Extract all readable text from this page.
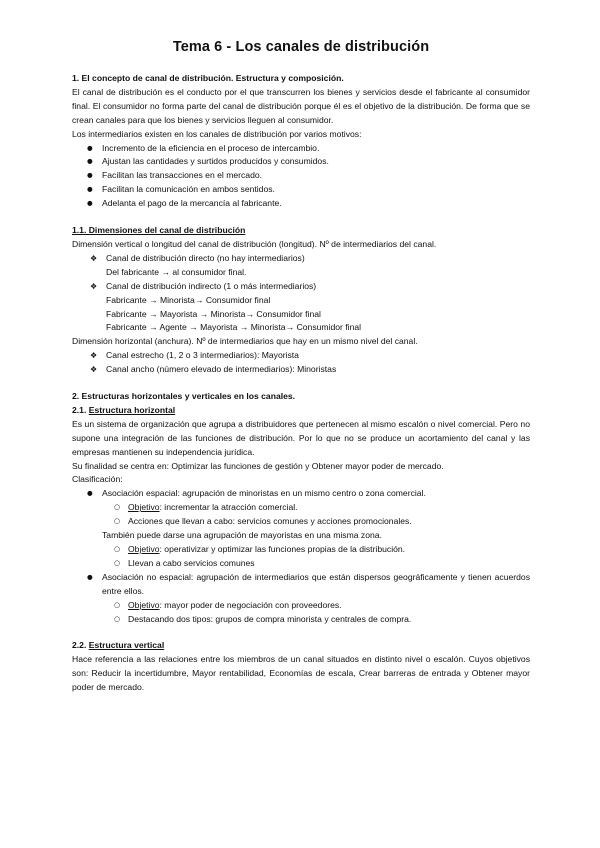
Tema 6 - Los canales de distribución

1. El concepto de canal de distribución. Estructura y composición.

El canal de distribución es el conducto por el que transcurren los bienes y servicios desde el fabricante al consumidor final. El consumidor no forma parte del canal de distribución porque él es el objetivo de la distribución. De forma que se crean canales para que los bienes y servicios lleguen al consumidor.

Los intermediarios existen en los canales de distribución por varios motivos:

● Incremento de la eficiencia en el proceso de intercambio.
● Ajustan las cantidades y surtidos producidos y consumidos.
● Facilitan las transacciones en el mercado.
● Facilitan la comunicación en ambos sentidos.
● Adelanta el pago de la mercancía al fabricante.

1.1. Dimensiones del canal de distribución

Dimensión vertical o longitud del canal de distribución (longitud). Nº de intermediarios del canal.

❖ Canal de distribución directo (no hay intermediarios)

Del fabricante → al consumidor final.

❖ Canal de distribución indirecto (1 o más intermediarios)

Fabricante → Minorista→ Consumidor final

Fabricante → Mayorista → Minorista→ Consumidor final

Fabricante → Agente → Mayorista → Minorista→ Consumidor final

Dimensión horizontal (anchura). Nº de intermediarios que hay en un mismo nivel del canal.

❖ Canal estrecho (1, 2 o 3 intermediarios): Mayorista
❖ Canal ancho (número elevado de intermediarios): Minoristas

2. Estructuras horizontales y verticales en los canales.

2.1. Estructura horizontal

Es un sistema de organización que agrupa a distribuidores que pertenecen al mismo escalón o nivel comercial. Pero no supone una integración de las funciones de distribución. Por lo que no se produce un acortamiento del canal y las empresas mantienen su independencia jurídica.

Su finalidad se centra en: Optimizar las funciones de gestión y Obtener mayor poder de mercado.

Clasificación:

● Asociación espacial: agrupación de minoristas en un mismo centro o zona comercial.
○ Objetivo: incrementar la atracción comercial.
○ Acciones que llevan a cabo: servicios comunes y acciones promocionales.

También puede darse una agrupación de mayoristas en una misma zona.

○ Objetivo: operativizar y optimizar las funciones propias de la distribución.
○ Llevan a cabo servicios comunes
● Asociación no espacial: agrupación de intermediarios que están dispersos geográficamente y tienen acuerdos entre ellos.
○ Objetivo: mayor poder de negociación con proveedores.
○ Destacando dos tipos: grupos de compra minorista y centrales de compra.

2.2. Estructura vertical

Hace referencia a las relaciones entre los miembros de un canal situados en distinto nivel o escalón. Cuyos objetivos son: Reducir la incertidumbre, Mayor rentabilidad, Economías de escala, Crear barreras de entrada y Obtener mayor poder de mercado.
